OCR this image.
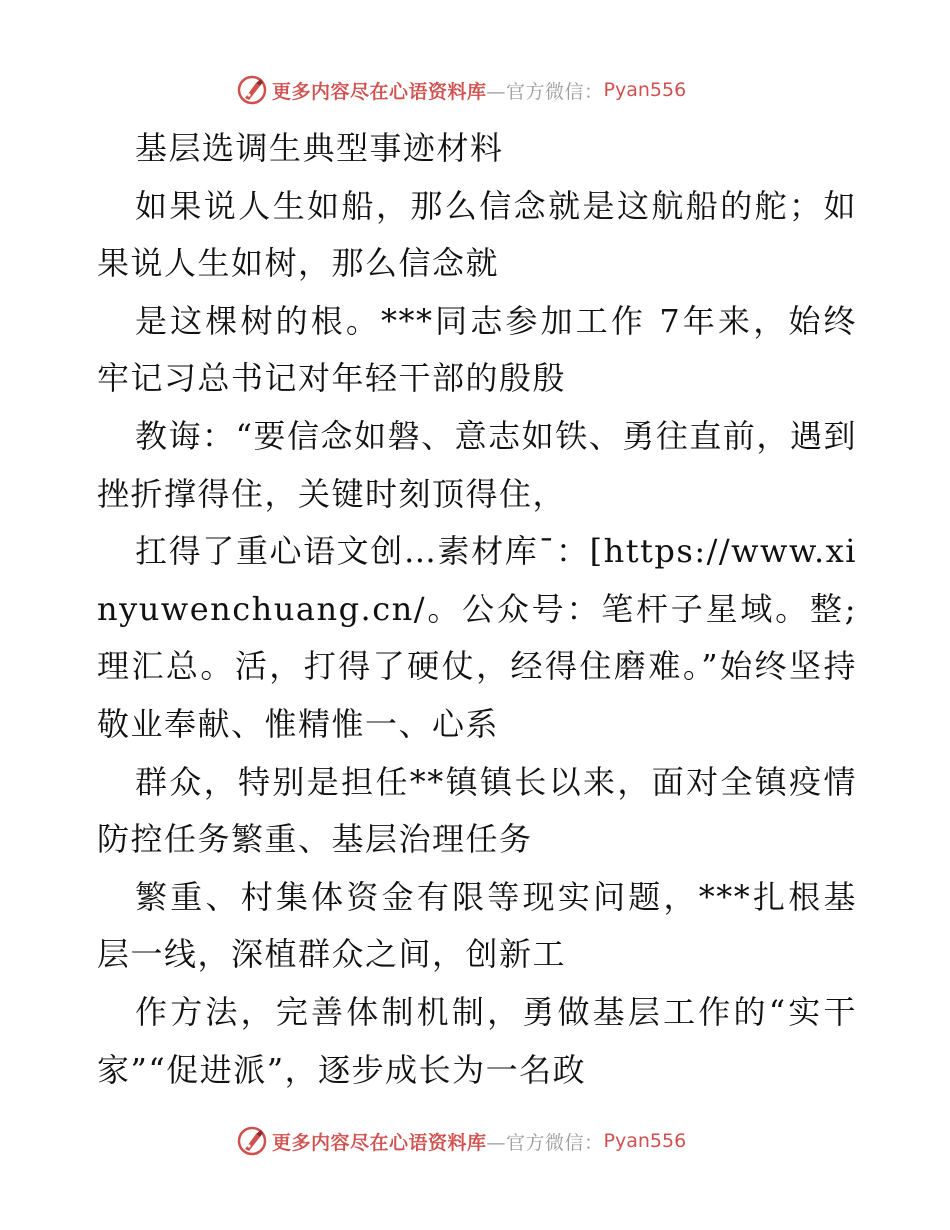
更多内容尽在心语资料库 —官方微信： Pyan556

基层选调生典型事迹材料

如果说人生如船，那么信念就是这航船的舵；如果说人生如树，那么信念就

是这棵树的根。***同志参加工作 7年来，始终牢记习总书记对年轻干部的殷殷

教诲：“要信念如磐、意志如铁、勇往直前，遇到挫折撑得住，关键时刻顶得住，

扛得了重心语文创…素材库¯：[https://www.xinyuwenchuang.cn/。公众号：笔杆子星域。整;理汇总。活，打得了硬仗，经得住磨难。”始终坚持敬业奉献、惟精惟一、心系

群众，特别是担任**镇镇长以来，面对全镇疫情防控任务繁重、基层治理任务

繁重、村集体资金有限等现实问题，***扎根基层一线，深植群众之间，创新工

作方法，完善体制机制，勇做基层工作的“实干家”“促进派”，逐步成长为一名政

更多内容尽在心语资料库 —官方微信： Pyan556
